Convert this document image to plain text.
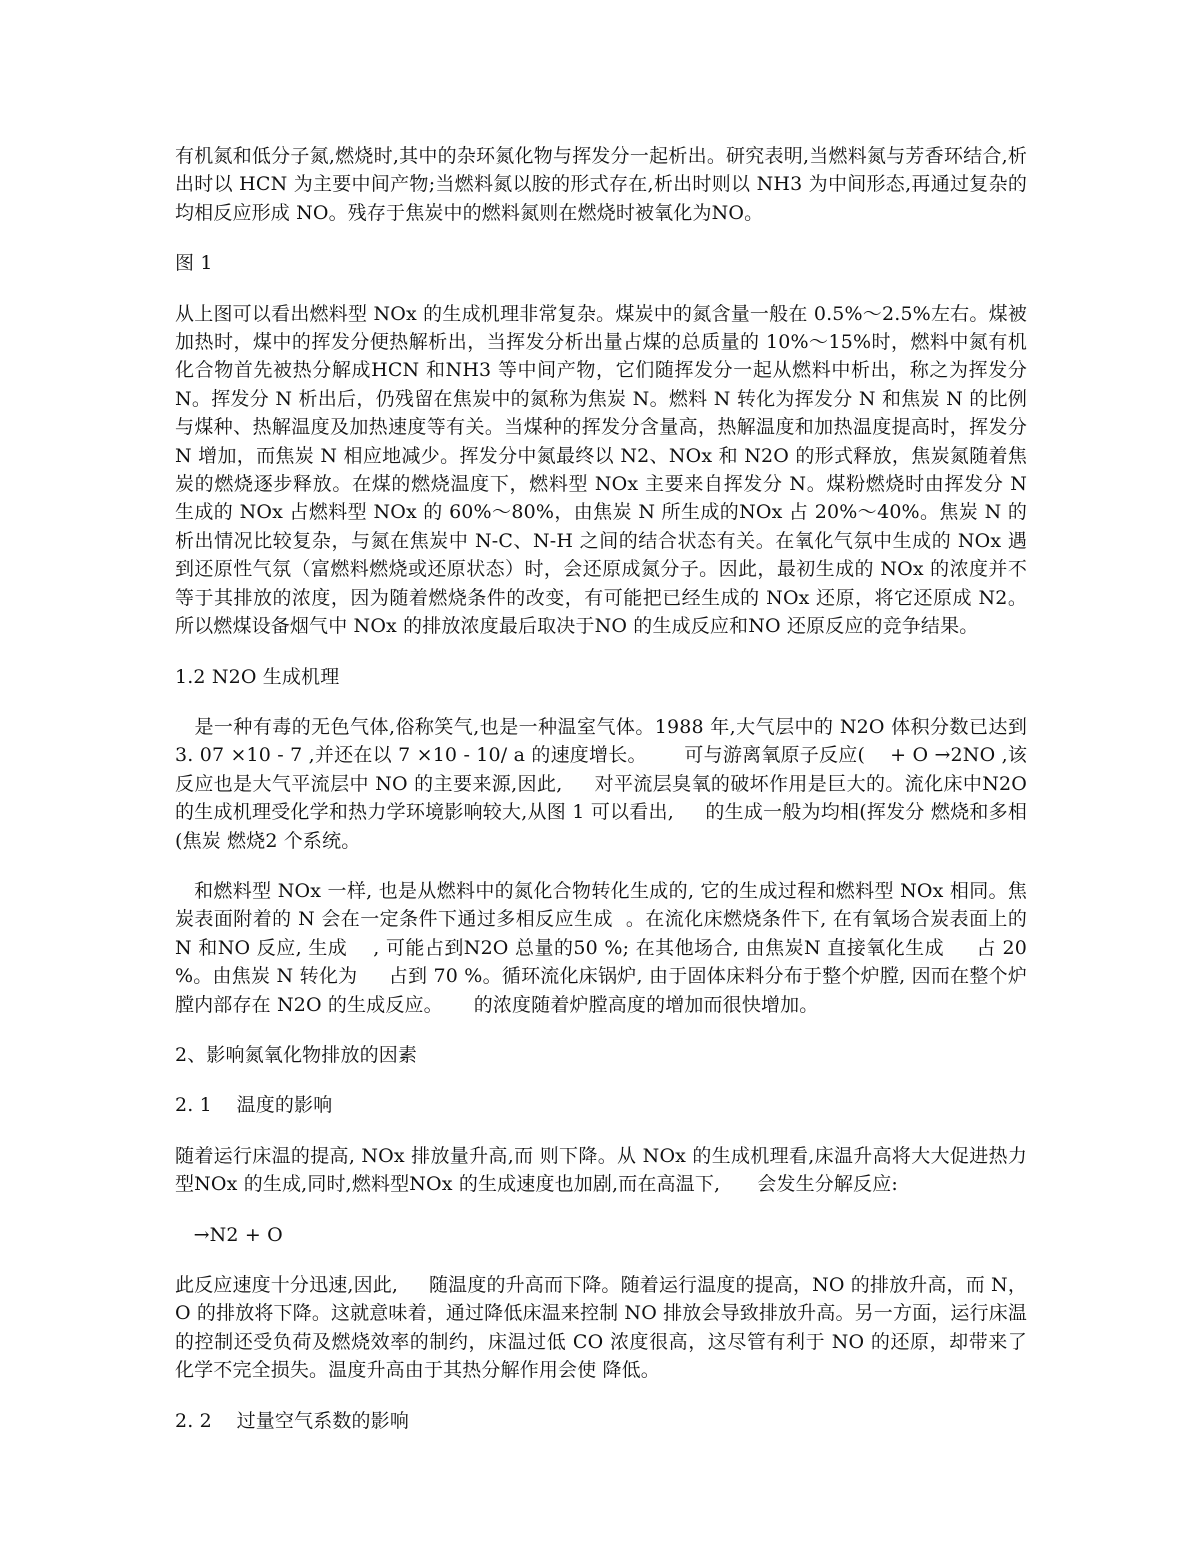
有机氮和低分子氮,燃烧时,其中的杂环氮化物与挥发分一起析出。研究表明,当燃料氮与芳香环结合,析出时以 HCN 为主要中间产物;当燃料氮以胺的形式存在,析出时则以 NH3 为中间形态,再通过复杂的均相反应形成 NO。残存于焦炭中的燃料氮则在燃烧时被氧化为NO。

图 1

从上图可以看出燃料型 NOx 的生成机理非常复杂。煤炭中的氮含量一般在 0.5%～2.5%左右。煤被加热时，煤中的挥发分便热解析出，当挥发分析出量占煤的总质量的 10%～15%时，燃料中氮有机化合物首先被热分解成HCN 和NH3 等中间产物，它们随挥发分一起从燃料中析出，称之为挥发分 N。挥发分 N 析出后，仍残留在焦炭中的氮称为焦炭 N。燃料 N 转化为挥发分 N 和焦炭 N 的比例与煤种、热解温度及加热速度等有关。当煤种的挥发分含量高，热解温度和加热温度提高时，挥发分 N 增加，而焦炭 N 相应地减少。挥发分中氮最终以 N2、NOx 和 N2O 的形式释放，焦炭氮随着焦炭的燃烧逐步释放。在煤的燃烧温度下，燃料型 NOx 主要来自挥发分 N。煤粉燃烧时由挥发分 N 生成的 NOx 占燃料型 NOx 的 60%～80%，由焦炭 N 所生成的NOx 占 20%～40%。焦炭 N 的析出情况比较复杂，与氮在焦炭中 N-C、N-H 之间的结合状态有关。在氧化气氛中生成的 NOx 遇到还原性气氛（富燃料燃烧或还原状态）时，会还原成氮分子。因此，最初生成的 NOx 的浓度并不等于其排放的浓度，因为随着燃烧条件的改变，有可能把已经生成的 NOx 还原，将它还原成 N2。所以燃煤设备烟气中 NOx 的排放浓度最后取决于NO 的生成反应和NO 还原反应的竞争结果。

1.2 N2O 生成机理

是一种有毒的无色气体,俗称笑气,也是一种温室气体。1988 年,大气层中的 N2O 体积分数已达到 3. 07 ×10 - 7 ,并还在以 7 ×10 - 10/ a 的速度增长。      可与游离氧原子反应(    + O →2NO ,该反应也是大气平流层中 NO 的主要来源,因此,     对平流层臭氧的破坏作用是巨大的。流化床中N2O 的生成机理受化学和热力学环境影响较大,从图 1 可以看出,     的生成一般为均相(挥发分 燃烧和多相(焦炭 燃烧2 个系统。

和燃料型 NOx 一样, 也是从燃料中的氮化合物转化生成的, 它的生成过程和燃料型 NOx 相同。焦炭表面附着的 N 会在一定条件下通过多相反应生成  。在流化床燃烧条件下, 在有氧场合炭表面上的N 和NO 反应, 生成    , 可能占到N2O 总量的50 %; 在其他场合, 由焦炭N 直接氧化生成     占 20 %。由焦炭 N 转化为     占到 70 %。循环流化床锅炉, 由于固体床料分布于整个炉膛, 因而在整个炉膛内部存在 N2O 的生成反应。     的浓度随着炉膛高度的增加而很快增加。

2、影响氮氧化物排放的因素

2. 1    温度的影响

随着运行床温的提高, NOx 排放量升高,而 则下降。从 NOx 的生成机理看,床温升高将大大促进热力型NOx 的生成,同时,燃料型NOx 的生成速度也加剧,而在高温下,      会发生分解反应:

→N2 + O

此反应速度十分迅速,因此,     随温度的升高而下降。随着运行温度的提高，NO 的排放升高，而 N，O 的排放将下降。这就意味着，通过降低床温来控制 NO 排放会导致排放升高。另一方面，运行床温的控制还受负荷及燃烧效率的制约，床温过低 CO 浓度很高，这尽管有利于 NO 的还原，却带来了化学不完全损失。温度升高由于其热分解作用会使 降低。

2. 2    过量空气系数的影响
